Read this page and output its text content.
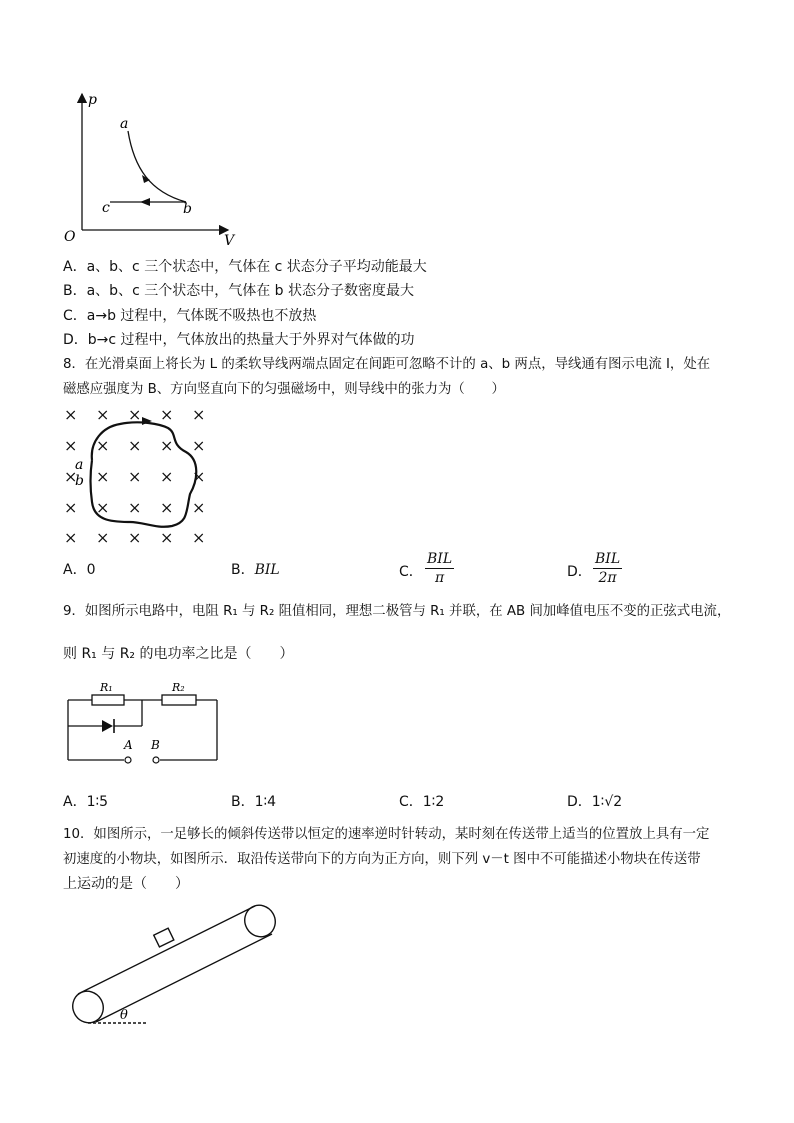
p
V
O
a
b
c
A．a、b、c 三个状态中，气体在 c 状态分子平均动能最大
B．a、b、c 三个状态中，气体在 b 状态分子数密度最大
C．a→b 过程中，气体既不吸热也不放热
D．b→c 过程中，气体放出的热量大于外界对气体做的功
8．在光滑桌面上将长为 L 的柔软导线两端点固定在间距可忽略不计的 a、b 两点，导线通有图示电流 I，处在
磁感应强度为 B、方向竖直向下的匀强磁场中，则导线中的张力为（　　）
× × × × ×
× × × × ×
× × × × ×
× × × × ×
× × × × ×
a
b
A．0	B．BIL	C．
BIL
π	D．
BIL
2π
9．如图所示电路中，电阻 R₁ 与 R₂ 阻值相同，理想二极管与 R₁ 并联，在 AB 间加峰值电压不变的正弦式电流，
则 R₁ 与 R₂ 的电功率之比是（　　）
R₁	R₂
A B
A．1∶5	B．1∶4	C．1∶2	D．1∶√2
10．如图所示，一足够长的倾斜传送带以恒定的速率逆时针转动，某时刻在传送带上适当的位置放上具有一定
初速度的小物块，如图所示．取沿传送带向下的方向为正方向，则下列 v－t 图中不可能描述小物块在传送带
上运动的是（　　）
θ
